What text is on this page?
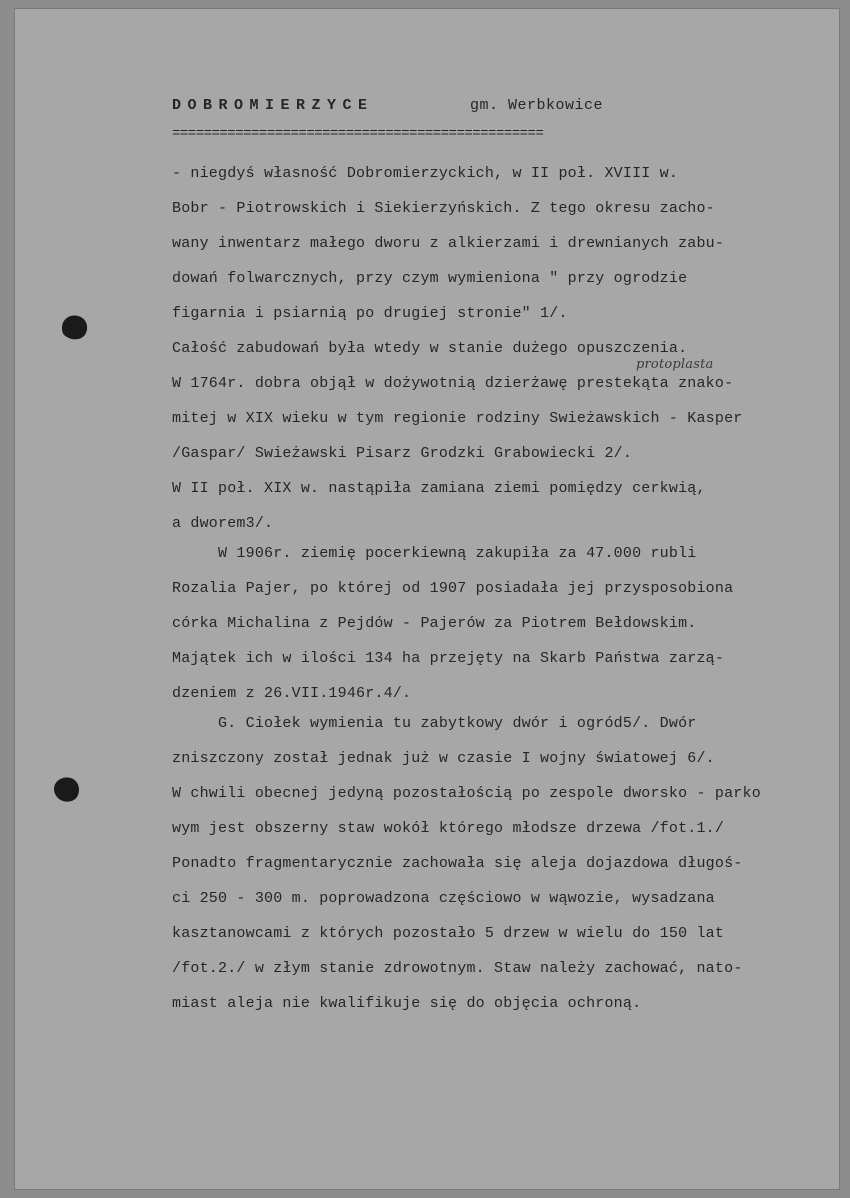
DOBROMIERZYCE	gm. Werbkowice
===============================================
- niegdyś własność Dobromierzyckich, w II poł. XVIII w.
Bobr - Piotrowskich i Siekierzyńskich. Z tego okresu zacho-
wany inwentarz małego dworu z alkierzami i drewnianych zabu-
dowań folwarcznych, przy czym wymieniona " przy ogrodzie
figarnia i psiarnią po drugiej stronie" 1/.
Całość zabudowań była wtedy w stanie dużego opuszczenia.
W 1764r. dobra objął w dożywotnią dzierżawę prestekąta znako-
mitej w XIX wieku w tym regionie rodziny Swieżawskich - Kasper
/Gaspar/ Swieżawski Pisarz Grodzki Grabowiecki 2/.
W II poł. XIX w. nastąpiła zamiana ziemi pomiędzy cerkwią,
a dworem3/.
W 1906r. ziemię pocerkiewną zakupiła za 47.000 rubli
Rozalia Pajer, po której od 1907 posiadała jej przysposobiona
córka Michalina z Pejdów - Pajerów za Piotrem Bełdowskim.
Majątek ich w ilości 134 ha przejęty na Skarb Państwa zarzą-
dzeniem z 26.VII.1946r.4/.
G. Ciołek wymienia tu zabytkowy dwór i ogród5/. Dwór
zniszczony został jednak już w czasie I wojny światowej 6/.
W chwili obecnej jedyną pozostałością po zespole dworsko - parko
wym jest obszerny staw wokół którego młodsze drzewa /fot.1./
Ponadto fragmentarycznie zachowała się aleja dojazdowa długoś-
ci 250 - 300 m. poprowadzona częściowo w wąwozie, wysadzana
kasztanowcami z których pozostało 5 drzew w wielu do 150 lat
/fot.2./ w złym stanie zdrowotnym. Staw należy zachować, nato-
miast aleja nie kwalifikuje się do objęcia ochroną.
protoplasta
